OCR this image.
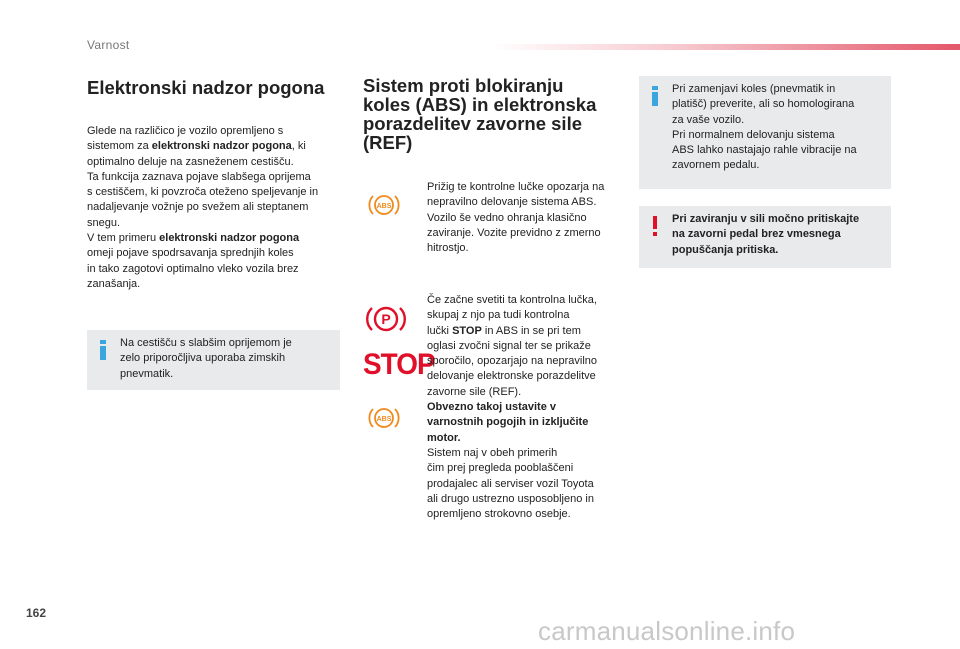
Varnost
Elektronski nadzor pogona

Glede na različico je vozilo opremljeno s

sistemom za elektronski nadzor pogona, ki

optimalno deluje na zasneženem cestišču.

Ta funkcija zaznava pojave slabšega oprijema

s cestiščem, ki povzroča oteženo speljevanje in

nadaljevanje vožnje po svežem ali steptanem

snegu.

V tem primeru elektronski nadzor pogona

omeji pojave spodrsavanja sprednjih koles

in tako zagotovi optimalno vleko vozila brez

zanašanja.

Na cestišču s slabšim oprijemom je
zelo priporočljiva uporaba zimskih
pnevmatik.
Sistem proti blokiranju
koles (ABS) in elektronska
porazdelitev zavorne sile
(REF)
ABS

Prižig te kontrolne lučke opozarja na

nepravilno delovanje sistema ABS.

Vozilo še vedno ohranja klasično

zaviranje. Vozite previdno z zmerno

hitrostjo.

P
STOP
ABS

Če začne svetiti ta kontrolna lučka,

skupaj z njo pa tudi kontrolna

lučki STOP in ABS in se pri tem

oglasi zvočni signal ter se prikaže

sporočilo, opozarjajo na nepravilno

delovanje elektronske porazdelitve

zavorne sile (REF).

Obvezno takoj ustavite v

varnostnih pogojih in izključite

motor.

Sistem naj v obeh primerih

čim prej pregleda pooblaščeni

prodajalec ali serviser vozil Toyota

ali drugo ustrezno usposobljeno in

opremljeno strokovno osebje.

Pri zamenjavi koles (pnevmatik in
platišč) preverite, ali so homologirana
za vaše vozilo.
Pri normalnem delovanju sistema
ABS lahko nastajajo rahle vibracije na
zavornem pedalu.
Pri zaviranju v sili močno pritiskajte
na zavorni pedal brez vmesnega
popuščanja pritiska.
162
carmanualsonline.info
